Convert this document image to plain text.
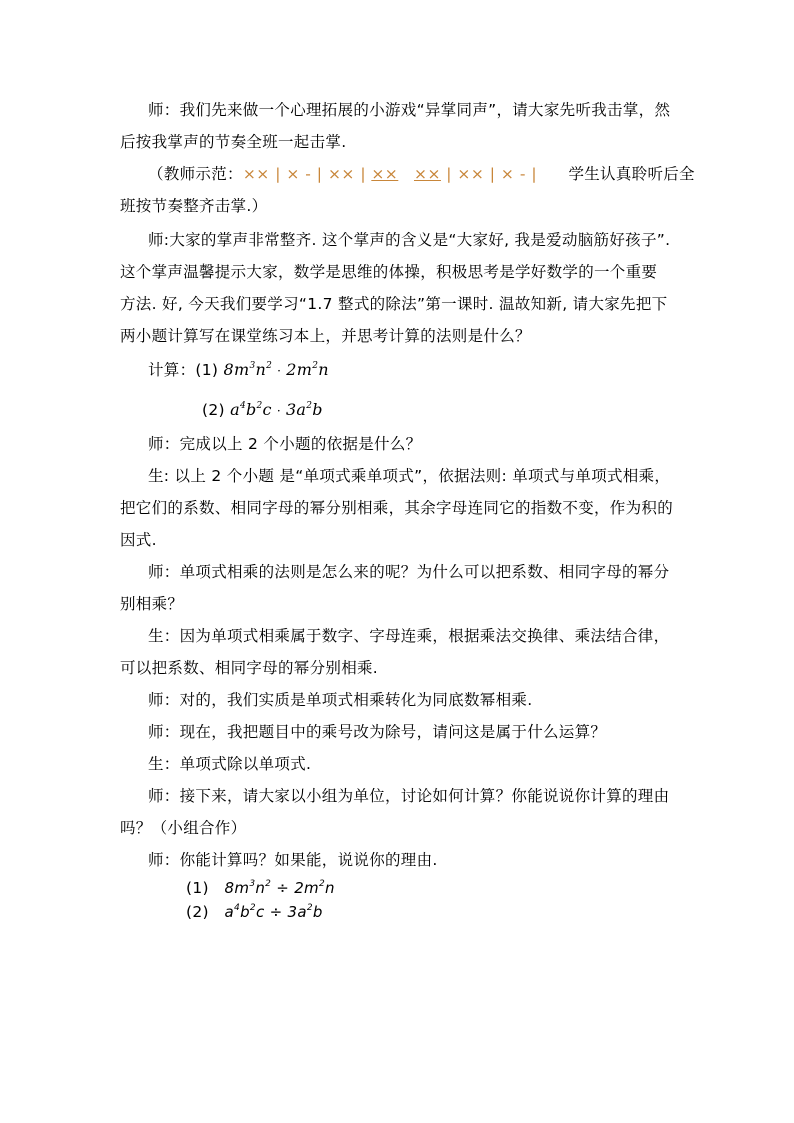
师：我们先来做一个心理拓展的小游戏“异掌同声”，请大家先听我击掌，然
后按我掌声的节奏全班一起击掌.
（教师示范：×× | × - | ×× | ×× ×× | ×× | × - | 学生认真聆听后全
班按节奏整齐击掌.）
师:大家的掌声非常整齐. 这个掌声的含义是“大家好, 我是爱动脑筋好孩子”.
这个掌声温馨提示大家，数学是思维的体操，积极思考是学好数学的一个重要
方法. 好, 今天我们要学习“1.7 整式的除法”第一课时. 温故知新, 请大家先把下
两小题计算写在课堂练习本上，并思考计算的法则是什么？
计算：(1) $8m^3n^2 \cdot 2m^2n$
(2) $a^4b^2c \cdot 3a^2b$
师：完成以上 2 个小题的依据是什么？
生: 以上 2 个小题 是“单项式乘单项式”，依据法则: 单项式与单项式相乘，
把它们的系数、相同字母的幂分别相乘，其余字母连同它的指数不变，作为积的
因式.
师：单项式相乘的法则是怎么来的呢？为什么可以把系数、相同字母的幂分
别相乘？
生：因为单项式相乘属于数字、字母连乘，根据乘法交换律、乘法结合律，
可以把系数、相同字母的幂分别相乘.
师：对的，我们实质是单项式相乘转化为同底数幂相乘.
师：现在，我把题目中的乘号改为除号，请问这是属于什么运算？
生：单项式除以单项式.
师：接下来，请大家以小组为单位，讨论如何计算？你能说说你计算的理由
吗？（小组合作）
师：你能计算吗？如果能，说说你的理由.
(1) $8m^3n^2 \div 2m^2n$
(2) $a^4b^2c \div 3a^2b$
